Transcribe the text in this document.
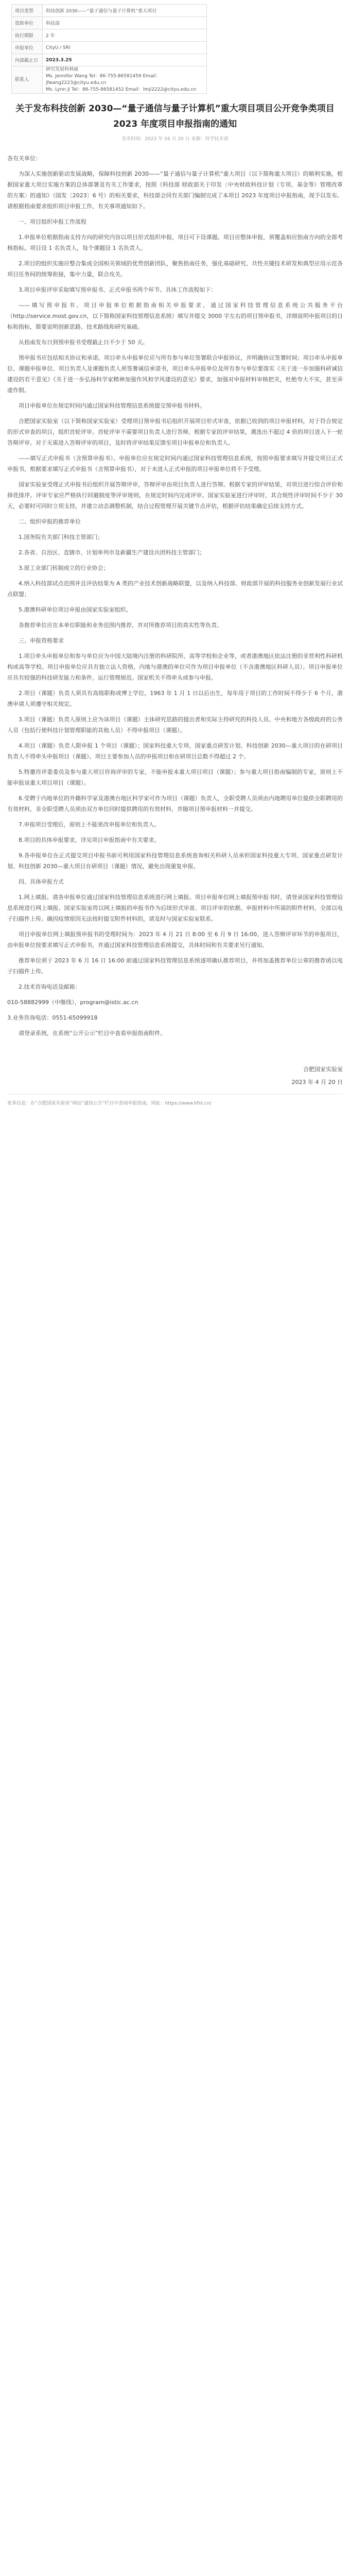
项目类型	科技创新 2030——“量子通信与量子计算机”重大项目
资助单位	科技部
执行期限	2 年
申报单位	CityU / SRI
内部截止日	2023.3.25
联系人	研究发展科林丽
Ms. Jennifer Wang Tel：86-755-86581459 Email：jfwang2223@cityu.edu.cn
Ms. Lynn Ji Tel：86-755-86581452 Email：lmji2222@cityu.edu.cn
关于发布科技创新 2030—“量子通信与量子计算机”重大项目项目公开竞争类项目 2023 年度项目申报指南的通知
发布时间：2023 年 04 月 20 日 来源：科学技术部

各有关单位：

为深入实施创新驱动发展战略，保障科技创新 2030——“量子通信与量子计算机”重大项目（以下简称重大项目）的顺利实施，根据国家重大项目实施方案的总体部署及有关工作要求，按照《科技部 财政部关于印发〈中央财政科技计划（专项、基金等）管理改革的方案〉的通知》（国发〔2023〕6 号）的相关要求，科技部会同有关部门编制完成了本项目 2023 年度项目申报指南，现予以发布。请根据指南要求组织项目申报工作，有关事项通知如下。

一、项目组织申报工作流程

1.申报单位根据指南支持方向的研究内容以项目形式组织申报，项目可下设课题。项目应整体申报，须覆盖相应指南方向的全部考核指标。项目设 1 名负责人，每个课题设 1 名负责人。

2.项目的组织实施应整合集成全国相关领域的优势创新团队，聚焦指南任务，强化基础研究、共性关键技术研发和典型应用示范各项目任务间的统筹衔接，集中力量，联合攻关。

3.项目申报评审采取填写预申报书、正式申报书两个环节。具体工作流程如下：

——填写预申报书。项目申报单位根据指南相关申报要求，通过国家科技管理信息系统公共服务平台（http://service.most.gov.cn，以下简称国家科技管理信息系统）填写并提交 3000 字左右的项目预申报书，详细说明申报项目的目标和指标，简要说明创新思路、技术路线和研究基础。

从指南发布日到预申报书受理截止日不少于 50 天。

预申报书应包括相关协议和承诺。项目牵头申报单位应与所有参与单位签署联合申报协议，并明确协议签署时间；项目牵头申报单位、课题申报单位、项目负责人及课题负责人须签署诚信承诺书，项目牵头申报单位及所有参与单位要落实《关于进一步加强科研诚信建设的若干意见》《关于进一步弘扬科学家精神加强作风和学风建设的意见》要求，加强对申报材料审核把关，杜绝夸大不实，甚至弄虚作假。

项目申报单位在规定时间内通过国家科技管理信息系统提交预申报书材料。

合肥国家实验室（以下简称国家实验室）受理项目预申报书后组织开展项目形式审查，依据已收到的项目申报材料，对于符合规定的形式审查的项目，组织首轮评审。首轮评审不需要项目负责人进行答辩。根据专家的评审结果，遴选出不超过 4 倍的项目进入下一轮答辩评审。对于无需进入答辩评审的项目，及时将评审结果反馈至项目申报单位和负责人。

——填写正式申报书（含预算申报书）。申报单位应在规定时间内通过国家科技管理信息系统，按照申报要求填写并提交项目正式申报书，根据要求填写正式申报书（含预算申报书），对于未进入正式申报的项目申报单位将不予受理。

国家实验室受理正式申报书后组织开展答辩评审，答辩评审由项目负责人进行答辩。根据专家的评审结果，对项目进行综合评价和择优排序。评审专家应严格执行回避制度等评审规则，在规定时间内完成评审。国家实验室进行评审时，其合规性评审时间不少于 30 天，必要时可同时立项支持，并建立动态调整机制，结合过程管理开展关键节点评估，根据评估结果确定后续支持方式。

二、组织申报的推荐单位

1.国务院有关部门科技主管部门；

2.各省、自治区、直辖市、计划单列市及新疆生产建设兵团科技主管部门；

3.原工业部门转制成立的行业协会；

4.纳入科技部试点范围并且评估结果为 A 类的产业技术创新战略联盟，以及纳入科技部、财政部开展的科技服务业创新发展行业试点联盟；

5.港澳科研单位项目申报由国家实验室组织。

各推荐单位应在本单位职能和业务范围内推荐，并对所推荐项目的真实性等负责。

三、申报资格要求

1.项目牵头申报单位和参与单位应为中国大陆境内注册的科研院所、高等学校和企业等，或者港澳地区依法注册的非营利性科研机构或高等学校。项目申报单位应具有独立法人资格，内地与港澳的单位可作为项目申报单位（不含港澳地区科研人员）。项目申报单位应具有较强的科技研发能力和条件，运行管理规范。国家机关不得牵头或参与申报。

2.项目（课题）负责人须具有高级职称或博士学位，1963 年 1 月 1 日以后出生，每年用于项目的工作时间不得少于 6 个月，港澳申请人须遵守相关规定。

3.项目（课题）负责人原则上应为该项目（课题）主体研究思路的提出者和实际主持研究的科技人员。中央和地方各级政府的公务人员（包括行使科技计划管理职能的其他人员）不得申报项目（课题）。

4.项目（课题）负责人限申报 1 个项目（课题）；国家科技重大专项、国家重点研发计划、科技创新 2030—重大项目的在研项目负责人不得牵头申报项目（课题）。项目主要参加人员的申报项目和在研项目总数不得超过 2 个。

5.特邀咨评委委员及参与重大项目咨询评审的专家，不能申报本重大项目项目（课题）；参与重大项目指南编制的专家，原则上不能申报该重大项目项目（课题）。

6.受聘于内地单位的外籍科学家及港澳台地区科学家可作为项目（课题）负责人，全职受聘人员须由内地聘用单位提供全职聘用的有效材料，非全职受聘人员须由双方单位同时提供聘用的有效材料，并随项目预申报材料一并提交。

7.申报项目受理后，原则上不能更改申报单位和负责人。

8.项目的具体申报要求，详见项目申报指南中有关要求。

9.各申报单位在正式提交项目申报书前可利用国家科技管理信息系统查询相关科研人员承担国家科技重大专项、国家重点研发计划、科技创新 2030—重大项目在研项目（课题）情况，避免出现重复申报。

四、具体申报方式

1.网上填报。请各申报单位通过国家科技管理信息系统进行网上填报。项目申报单位网上填报预申报书时，请登录国家科技管理信息系统进行网上填报。国家实验室将以网上填报的申报书作为后续形式审查、项目评审的依据。申报材料中所需的附件材料，全部以电子扫描件上传。确因疫情原因无法按时提交附件材料的，请及时与国家实验室联系。

项目申报单位网上填报预申报书的受理时间为：2023 年 4 月 21 日 8:00 至 6 月 9 日 16:00。进入答辩评审环节的申报项目，由申报单位按要求填写正式申报书，并通过国家科技管理信息系统提交，具体时间和有关要求另行通知。

推荐单位须于 2023 年 6 月 16 日 16:00 前通过国家科技管理信息系统逐项确认推荐项目，并将加盖推荐单位公章的推荐函以电子扫描件上传。

2.技术咨询电话及邮箱：

010-58882999（中继线），program@istic.ac.cn

3.业务咨询电话：0551-65099918

请登录系统，在系统“公开公示”栏目中查看申报指南附件。

合肥国家实验室

2023 年 4 月 20 日

更多信息：在“合肥国家实验室”网站“通知公告”栏目中查阅申报指南，网址：https://www.hfnl.cn/
